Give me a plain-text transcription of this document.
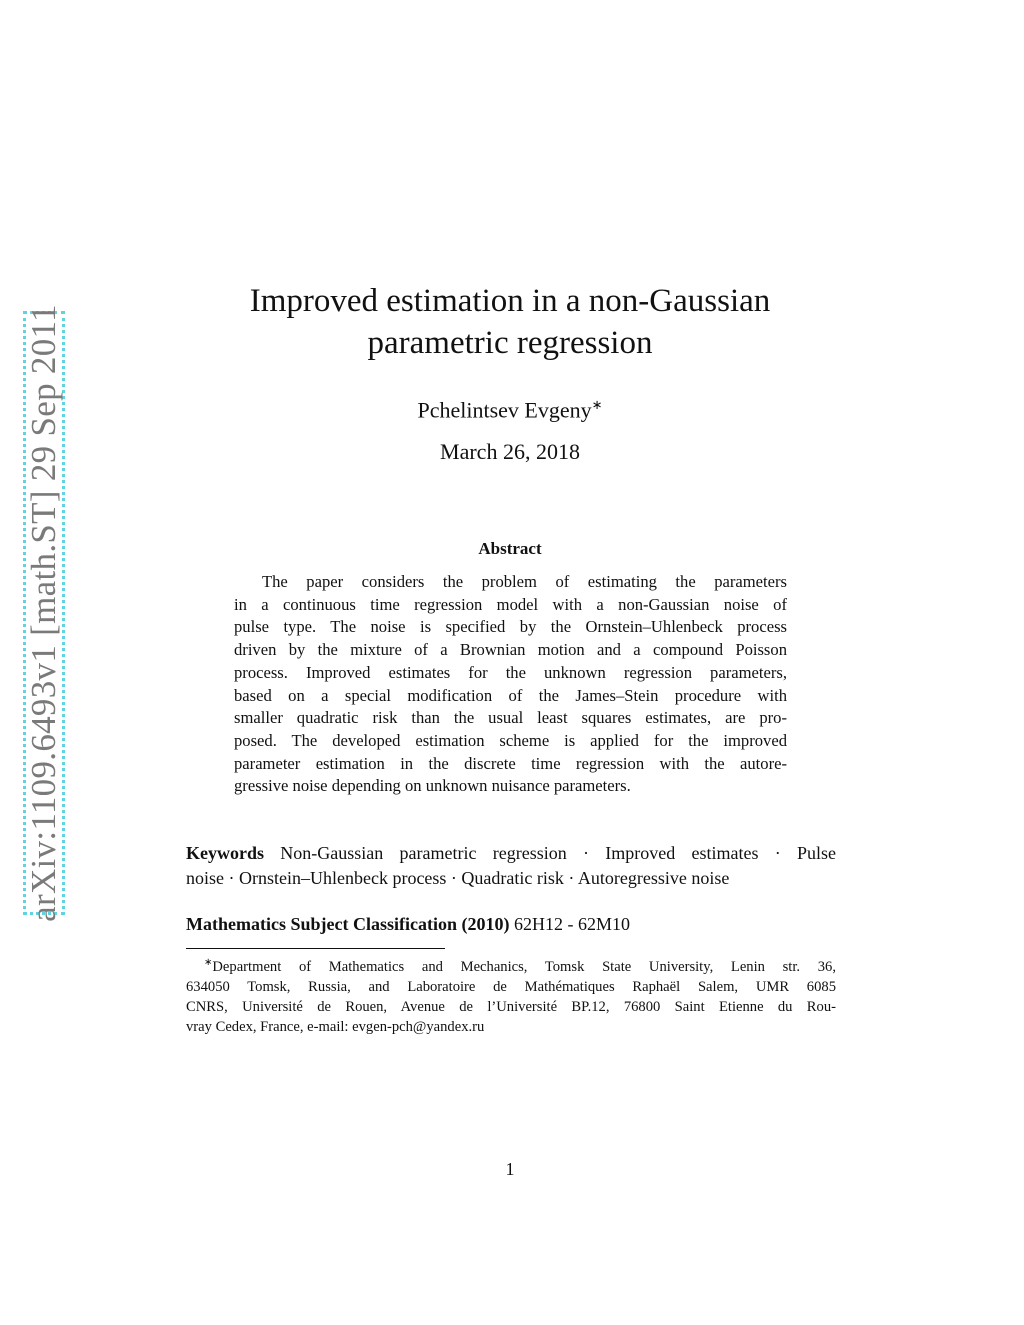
arXiv:1109.6493v1 [math.ST] 29 Sep 2011
Improved estimation in a non-Gaussian
parametric regression
Pchelintsev Evgeny∗
March 26, 2018
Abstract
The paper considers the problem of estimating the parameters
in a continuous time regression model with a non-Gaussian noise of
pulse type. The noise is specified by the Ornstein–Uhlenbeck process
driven by the mixture of a Brownian motion and a compound Poisson
process. Improved estimates for the unknown regression parameters,
based on a special modification of the James–Stein procedure with
smaller quadratic risk than the usual least squares estimates, are pro-
posed. The developed estimation scheme is applied for the improved
parameter estimation in the discrete time regression with the autore-
gressive noise depending on unknown nuisance parameters.
Keywords Non-Gaussian parametric regression · Improved estimates · Pulse
noise · Ornstein–Uhlenbeck process · Quadratic risk · Autoregressive noise
Mathematics Subject Classification (2010) 62H12 - 62M10
∗Department of Mathematics and Mechanics, Tomsk State University, Lenin str. 36,
634050 Tomsk, Russia, and Laboratoire de Mathématiques Raphaël Salem, UMR 6085
CNRS, Université de Rouen, Avenue de l’Université BP.12, 76800 Saint Etienne du Rou-
vray Cedex, France, e-mail: evgen-pch@yandex.ru
1
